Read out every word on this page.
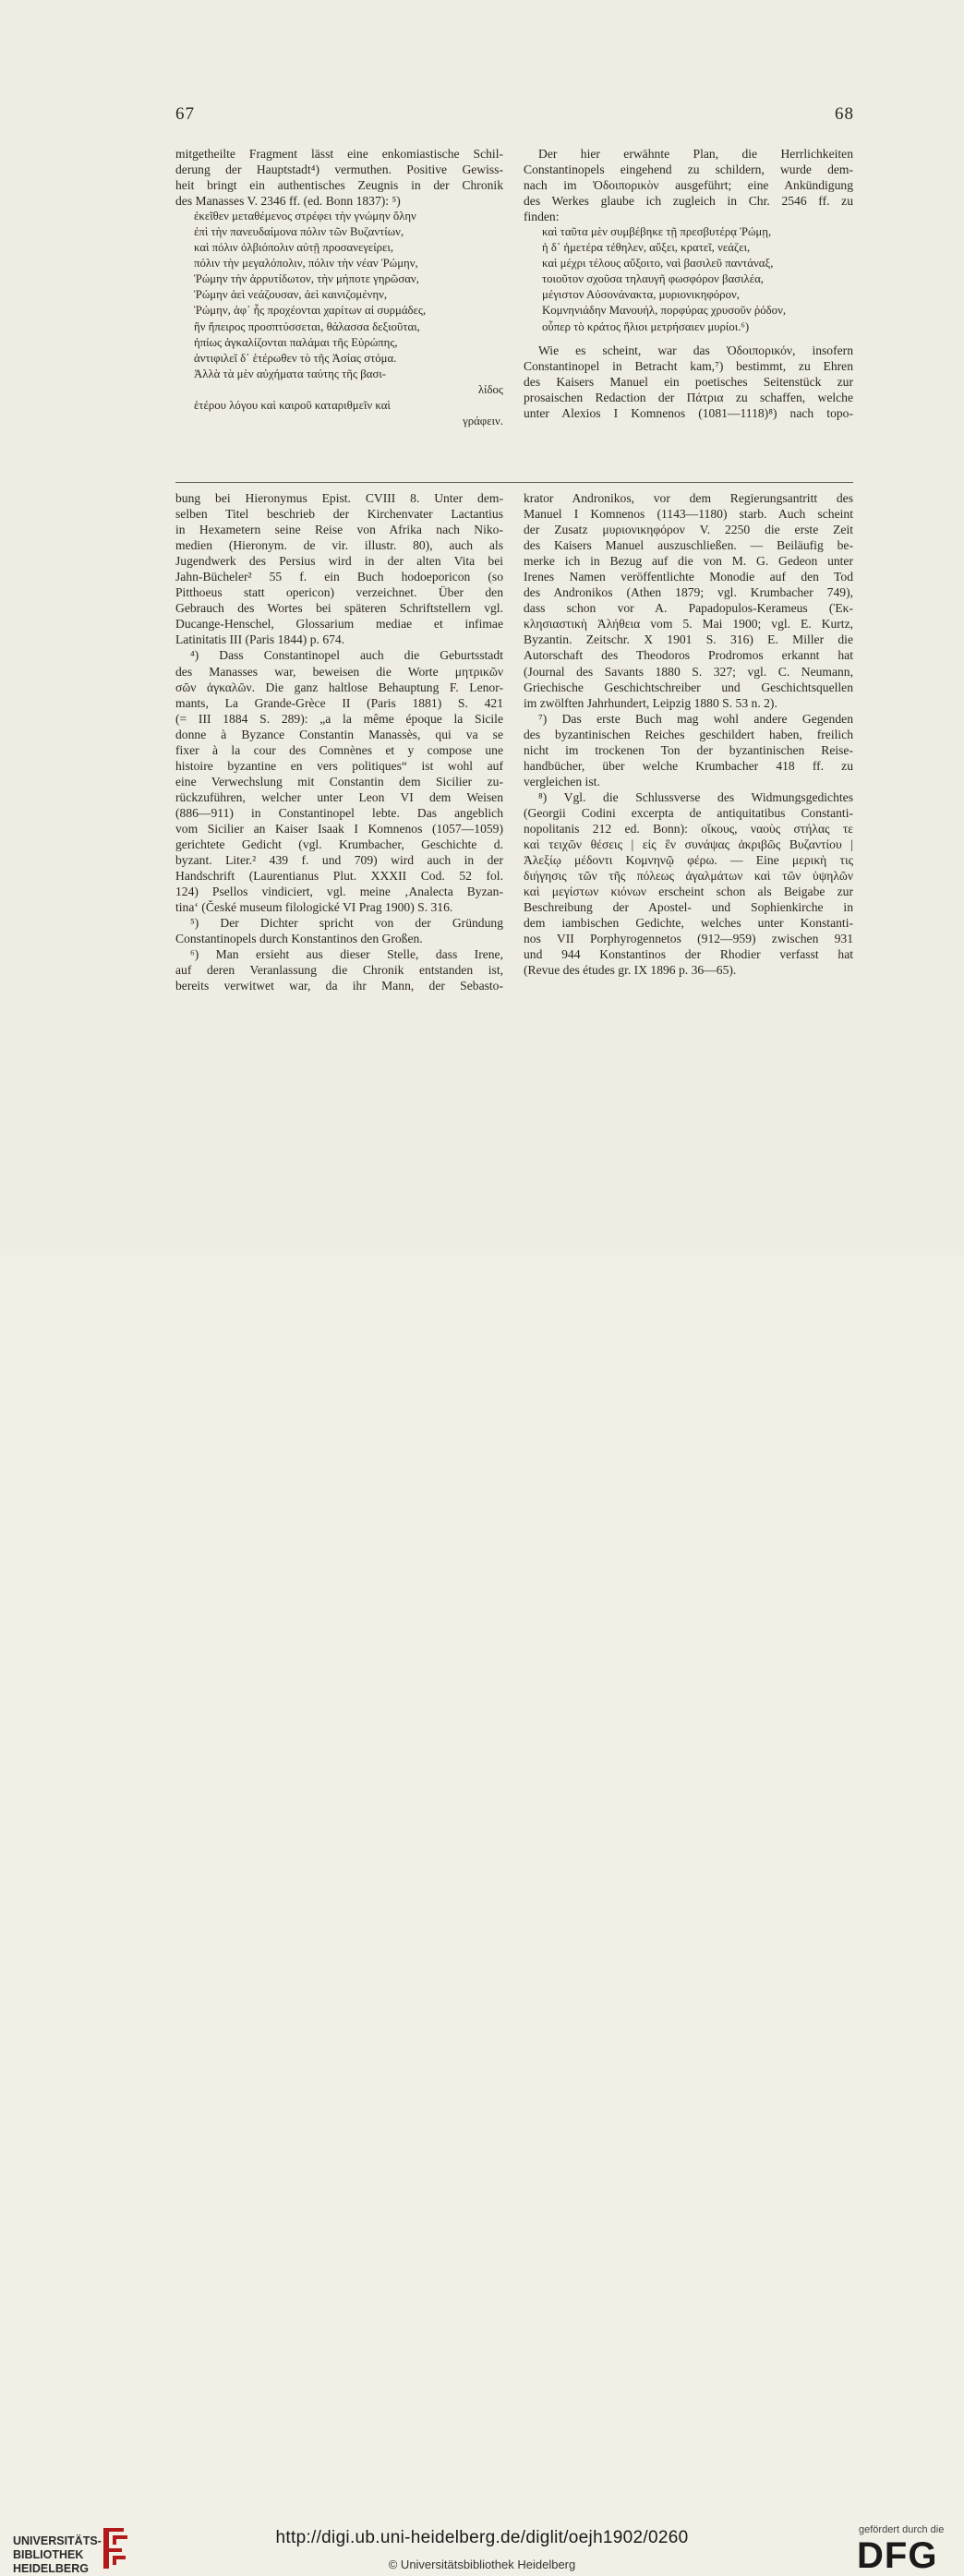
67	68
mitgetheilte Fragment lässt eine enkomiastische Schil-
derung der Hauptstadt⁴) vermuthen. Positive Gewiss-
heit bringt ein authentisches Zeugnis in der Chronik
des Manasses V. 2346 ff. (ed. Bonn 1837): ⁵)
ἐκεῖθεν μεταθέμενος στρέφει τὴν γνώμην ὅλην
ἐπὶ τὴν πανευδαίμονα πόλιν τῶν Βυζαντίων,
καὶ πόλιν ὀλβιόπολιν αὐτῇ προσανεγείρει,
πόλιν τὴν μεγαλόπολιν, πόλιν τὴν νέαν Ῥώμην,
Ῥώμην τὴν ἀρρυτίδωτον, τὴν μήποτε γηρῶσαν,
Ῥώμην ἀεὶ νεάζουσαν, ἀεὶ καινιζομένην,
Ῥώμην, ἀφ᾽ ἧς προχέονται χαρίτων αἱ συρμάδες,
ἣν ἤπειρος προσπτύσσεται, θάλασσα δεξιοῦται,
ἠπίως ἀγκαλίζονται παλάμαι τῆς Εὐρώπης,
ἀντιφιλεῖ δ᾽ ἑτέρωθεν τὸ τῆς Ἀσίας στόμα.
Ἀλλὰ τὰ μὲν αὐχήματα ταύτης τῆς βασι-
λίδος
ἑτέρου λόγου καὶ καιροῦ καταριθμεῖν καὶ
γράφειν.
Der hier erwähnte Plan, die Herrlichkeiten
Constantinopels eingehend zu schildern, wurde dem-
nach im Ὁδοιπορικὸν ausgeführt; eine Ankündigung
des Werkes glaube ich zugleich in Chr. 2546 ff. zu
finden:
καὶ ταῦτα μὲν συμβέβηκε τῇ πρεσβυτέρᾳ Ῥώμῃ,
ἡ δ᾽ ἡμετέρα τέθηλεν, αὔξει, κρατεῖ, νεάζει,
καὶ μέχρι τέλους αὔξοιτο, ναὶ βασιλεῦ παντάναξ,
τοιοῦτον σχοῦσα τηλαυγῆ φωσφόρον βασιλέα,
μέγιστον Αὐσονάνακτα, μυριονικηφόρον,
Κομνηνιάδην Μανουήλ, πορφύρας χρυσοῦν ῥόδον,
οὗπερ τὸ κράτος ἥλιοι μετρήσαιεν μυρίοι.⁶)
Wie es scheint, war das Ὁδοιπορικόν, insofern
Constantinopel in Betracht kam,⁷) bestimmt, zu Ehren
des Kaisers Manuel ein poetisches Seitenstück zur
prosaischen Redaction der Πάτρια zu schaffen, welche
unter Alexios I Komnenos (1081—1118)⁸) nach topo-
bung bei Hieronymus Epist. CVIII 8. Unter dem-
selben Titel beschrieb der Kirchenvater Lactantius
in Hexametern seine Reise von Afrika nach Niko-
medien (Hieronym. de vir. illustr. 80), auch als
Jugendwerk des Persius wird in der alten Vita bei
Jahn-Bücheler² 55 f. ein Buch hodoeporicon (so
Pitthoeus statt opericon) verzeichnet. Über den
Gebrauch des Wortes bei späteren Schriftstellern vgl.
Ducange-Henschel, Glossarium mediae et infimae
Latinitatis III (Paris 1844) p. 674.
⁴) Dass Constantinopel auch die Geburtsstadt
des Manasses war, beweisen die Worte μητρικῶν
σῶν ἀγκαλῶν. Die ganz haltlose Behauptung F. Lenor-
mants, La Grande-Grèce II (Paris 1881) S. 421
(= III 1884 S. 289): „a la même époque la Sicile
donne à Byzance Constantin Manassès, qui va se
fixer à la cour des Comnènes et y compose une
histoire byzantine en vers politiques“ ist wohl auf
eine Verwechslung mit Constantin dem Sicilier zu-
rückzuführen, welcher unter Leon VI dem Weisen
(886—911) in Constantinopel lebte. Das angeblich
vom Sicilier an Kaiser Isaak I Komnenos (1057—1059)
gerichtete Gedicht (vgl. Krumbacher, Geschichte d.
byzant. Liter.² 439 f. und 709) wird auch in der
Handschrift (Laurentianus Plut. XXXII Cod. 52 fol.
124) Psellos vindiciert, vgl. meine ‚Analecta Byzan-
tina‘ (České museum filologické VI Prag 1900) S. 316.
⁵) Der Dichter spricht von der Gründung
Constantinopels durch Konstantinos den Großen.
⁶) Man ersieht aus dieser Stelle, dass Irene,
auf deren Veranlassung die Chronik entstanden ist,
bereits verwitwet war, da ihr Mann, der Sebasto-
krator Andronikos, vor dem Regierungsantritt des
Manuel I Komnenos (1143—1180) starb. Auch scheint
der Zusatz μυριονικηφόρον V. 2250 die erste Zeit
des Kaisers Manuel auszuschließen. — Beiläufig be-
merke ich in Bezug auf die von M. G. Gedeon unter
Irenes Namen veröffentlichte Monodie auf den Tod
des Andronikos (Athen 1879; vgl. Krumbacher 749),
dass schon vor A. Papadopulos-Kerameus (Ἐκ-
κλησιαστικὴ Ἀλήθεια vom 5. Mai 1900; vgl. E. Kurtz,
Byzantin. Zeitschr. X 1901 S. 316) E. Miller die
Autorschaft des Theodoros Prodromos erkannt hat
(Journal des Savants 1880 S. 327; vgl. C. Neumann,
Griechische Geschichtschreiber und Geschichtsquellen
im zwölften Jahrhundert, Leipzig 1880 S. 53 n. 2).
⁷) Das erste Buch mag wohl andere Gegenden
des byzantinischen Reiches geschildert haben, freilich
nicht im trockenen Ton der byzantinischen Reise-
handbücher, über welche Krumbacher 418 ff. zu
vergleichen ist.
⁸) Vgl. die Schlussverse des Widmungsgedichtes
(Georgii Codini excerpta de antiquitatibus Constanti-
nopolitanis 212 ed. Bonn): οἴκους, ναοὺς στήλας τε
καὶ τειχῶν θέσεις | εἰς ἓν συνάψας ἀκριβῶς Βυζαντίου |
Ἀλεξίῳ μέδοντι Κομνηνῷ φέρω. — Eine μερικὴ τις
διήγησις τῶν τῆς πόλεως ἀγαλμάτων καὶ τῶν ὑψηλῶν
καὶ μεγίστων κιόνων erscheint schon als Beigabe zur
Beschreibung der Apostel- und Sophienkirche in
dem iambischen Gedichte, welches unter Konstanti-
nos VII Porphyrogennetos (912—959) zwischen 931
und 944 Konstantinos der Rhodier verfasst hat
(Revue des études gr. IX 1896 p. 36—65).
UNIVERSITÄTS-
BIBLIOTHEK
HEIDELBERG
http://digi.ub.uni-heidelberg.de/diglit/oejh1902/0260
© Universitätsbibliothek Heidelberg
gefördert durch die
DFG
